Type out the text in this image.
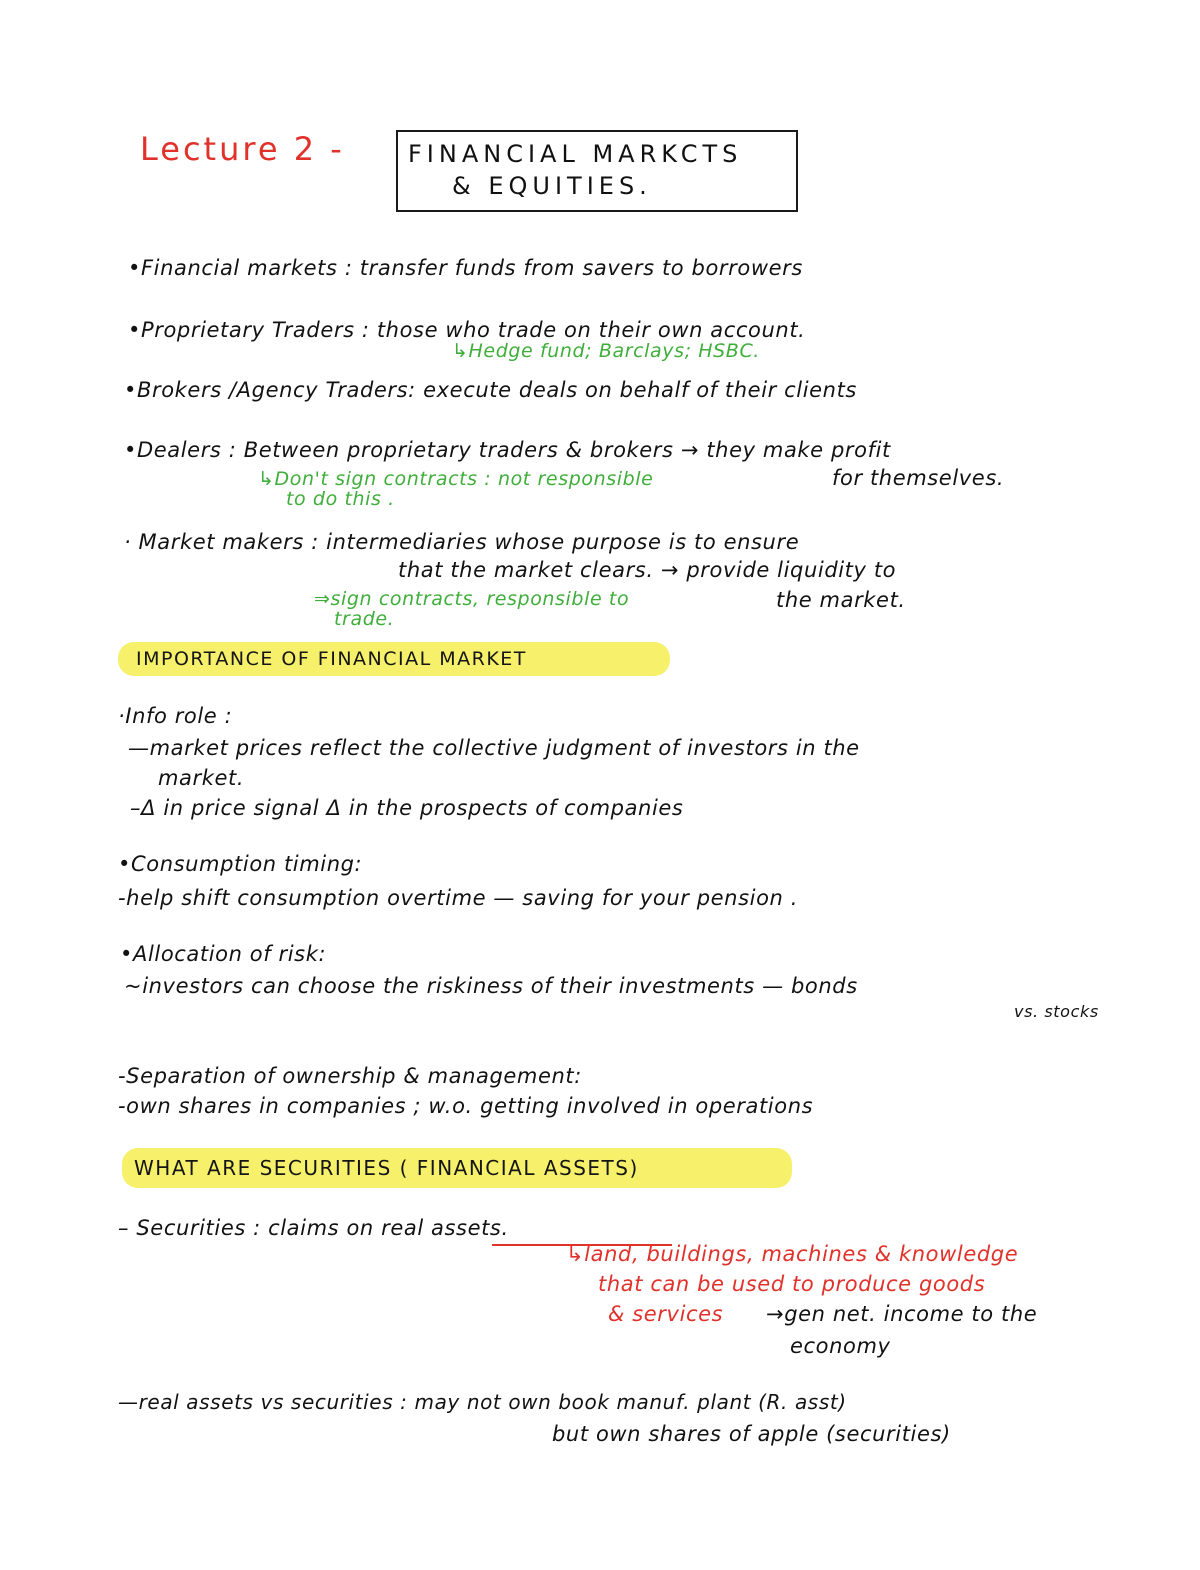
Lecture 2 -	FINANCIAL MARKCTS
& EQUITIES.
•Financial markets : transfer funds from savers to borrowers
•Proprietary Traders : those who trade on their own account.
↳Hedge fund; Barclays; HSBC.
•Brokers /Agency Traders: execute deals on behalf of their clients
•Dealers : Between proprietary traders & brokers → they make profit
↳Don't sign contracts : not responsible	for themselves.
to do this .
· Market makers : intermediaries whose purpose is to ensure
that the market clears. → provide liquidity to
⇒sign contracts, responsible to	the market.
trade.
IMPORTANCE OF FINANCIAL MARKET
·Info role :
—market prices reflect the collective judgment of investors in the
market.
–Δ in price signal Δ in the prospects of companies
•Consumption timing:
-help shift consumption overtime — saving for your pension .
•Allocation of risk:
~investors can choose the riskiness of their investments — bonds
vs. stocks
-Separation of ownership & management:
-own shares in companies ; w.o. getting involved in operations
WHAT ARE SECURITIES ( FINANCIAL ASSETS)
– Securities : claims on real assets.
↳land, buildings, machines & knowledge
that can be used to produce goods
& services →gen net. income to the
economy
—real assets vs securities : may not own book manuf. plant (R. asst)
but own shares of apple (securities)
